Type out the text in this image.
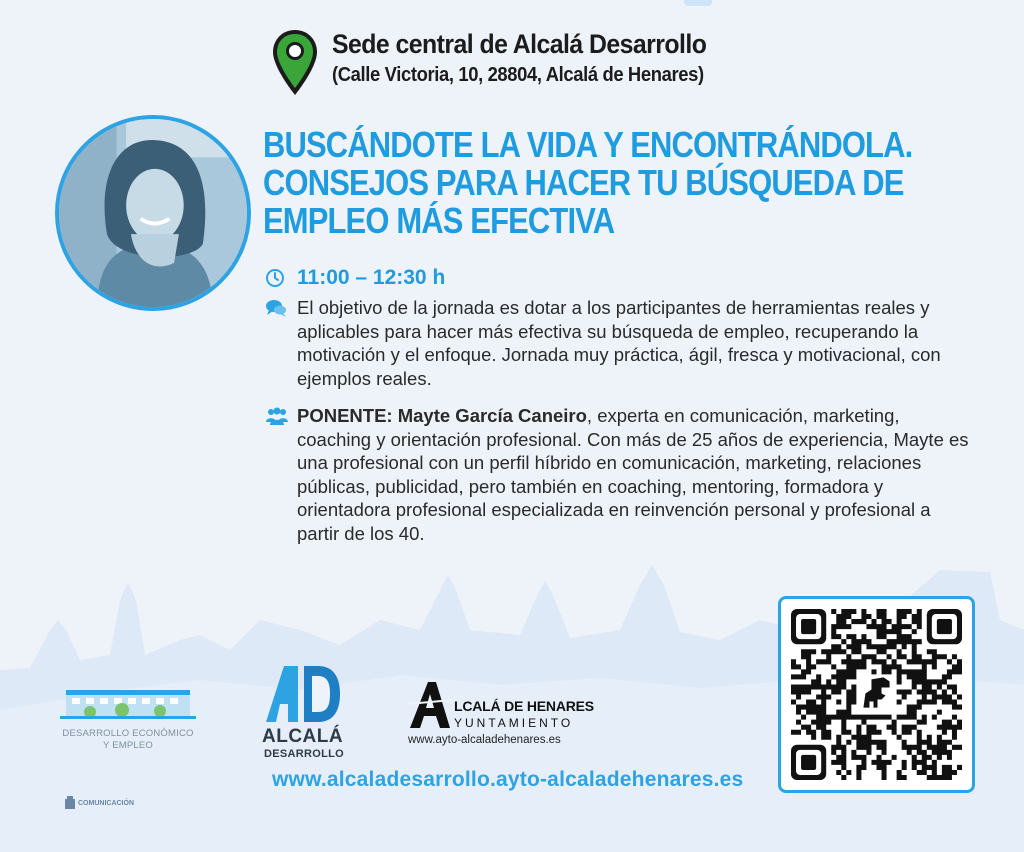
Sede central de Alcalá Desarrollo
(Calle Victoria, 10, 28804, Alcalá de Henares)
BUSCÁNDOTE LA VIDA Y ENCONTRÁNDOLA.
CONSEJOS PARA HACER TU BÚSQUEDA DE
EMPLEO MÁS EFECTIVA
11:00 – 12:30 h

El objetivo de la jornada es dotar a los participantes de herramientas reales y aplicables para hacer más efectiva su búsqueda de empleo, recuperando la motivación y el enfoque. Jornada muy práctica, ágil, fresca y motivacional, con ejemplos reales.

PONENTE: Mayte García Caneiro, experta en comunicación, marketing, coaching y orientación profesional. Con más de 25 años de experiencia, Mayte es una profesional con un perfil híbrido en comunicación, marketing, relaciones públicas, publicidad, pero también en coaching, mentoring, formadora y orientadora profesional especializada en reinvención personal y profesional a partir de los 40.

DESARROLLO ECONÓMICO
Y EMPLEO	ALCALÁ
DESARROLLO
LCALÁ DE HENARES
YUNTAMIENTO
www.ayto-alcaladehenares.es
www.alcaladesarrollo.ayto-alcaladehenares.es
COMUNICACIÓN
